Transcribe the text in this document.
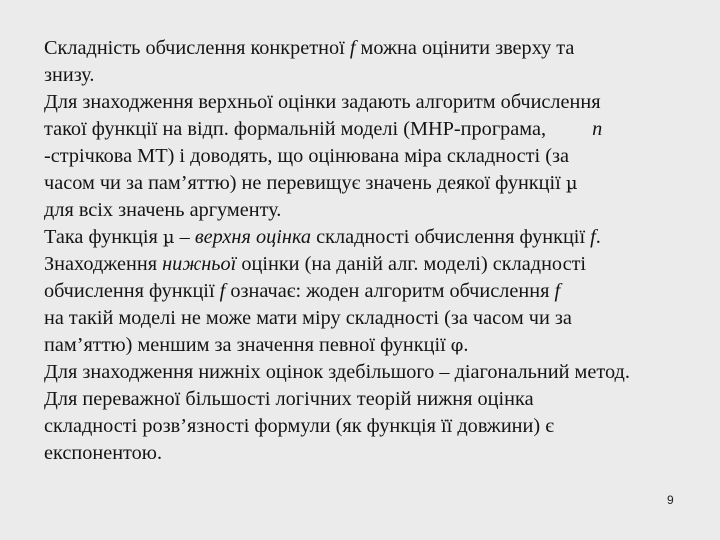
Складність обчислення конкретної f можна оцінити зверху та
знизу.

Для знаходження верхньої оцінки задають алгоритм обчислення
такої функції на відп. формальній моделі (МНР-програма, n
-стрічкова МТ) і доводять, що оцінювана міра складності (за
часом чи за пам’яттю) не перевищує значень деякої функції µ
для всіх значень аргументу.

Така функція µ – верхня оцінка складності обчислення функції f.

Знаходження нижньої оцінки (на даній алг. моделі) складності
обчислення функції f означає: жоден алгоритм обчислення f
на такій моделі не може мати міру складності (за часом чи за
пам’яттю) меншим за значення певної функції φ.

Для знаходження нижніх оцінок здебільшого – діагональний метод.

Для переважної більшості логічних теорій нижня оцінка
складності розв’язності формули (як функція її довжини) є
експонентою.

9
